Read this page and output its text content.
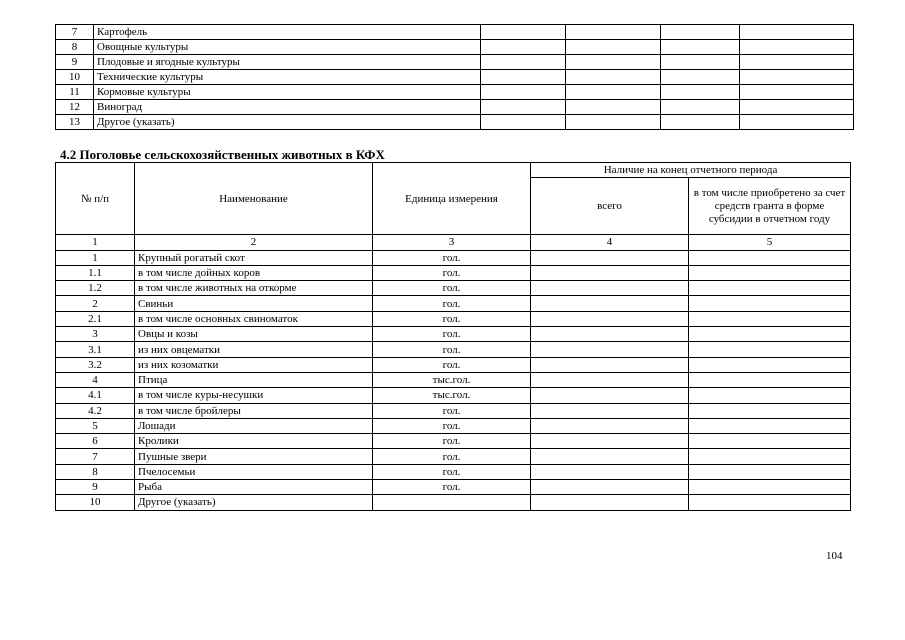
7	Картофель				
8	Овощные культуры				
9	Плодовые и ягодные культуры				
10	Технические культуры				
11	Кормовые культуры				
12	Виноград				
13	Другое (указать)				
4.2 Поголовье сельскохозяйственных животных в КФХ
№ п/п	Наименование	Единица измерения	Наличие на конец отчетного периода	
			всего	в том числе приобретено за счет средств гранта в форме субсидии в отчетном году
1	2	3	4	5
1	Крупный рогатый скот	гол.		
1.1	в том числе дойных коров	гол.		
1.2	в том числе животных на откорме	гол.		
2	Свиньи	гол.		
2.1	в том числе основных свиноматок	гол.		
3	Овцы и козы	гол.		
3.1	из них овцематки	гол.		
3.2	из них козоматки	гол.		
4	Птица	тыс.гол.		
4.1	в том числе куры-несушки	тыс.гол.		
4.2	в том числе бройлеры	гол.		
5	Лошади	гол.		
6	Кролики	гол.		
7	Пушные звери	гол.		
8	Пчелосемьи	гол.		
9	Рыба	гол.		
10	Другое (указать)			
104
